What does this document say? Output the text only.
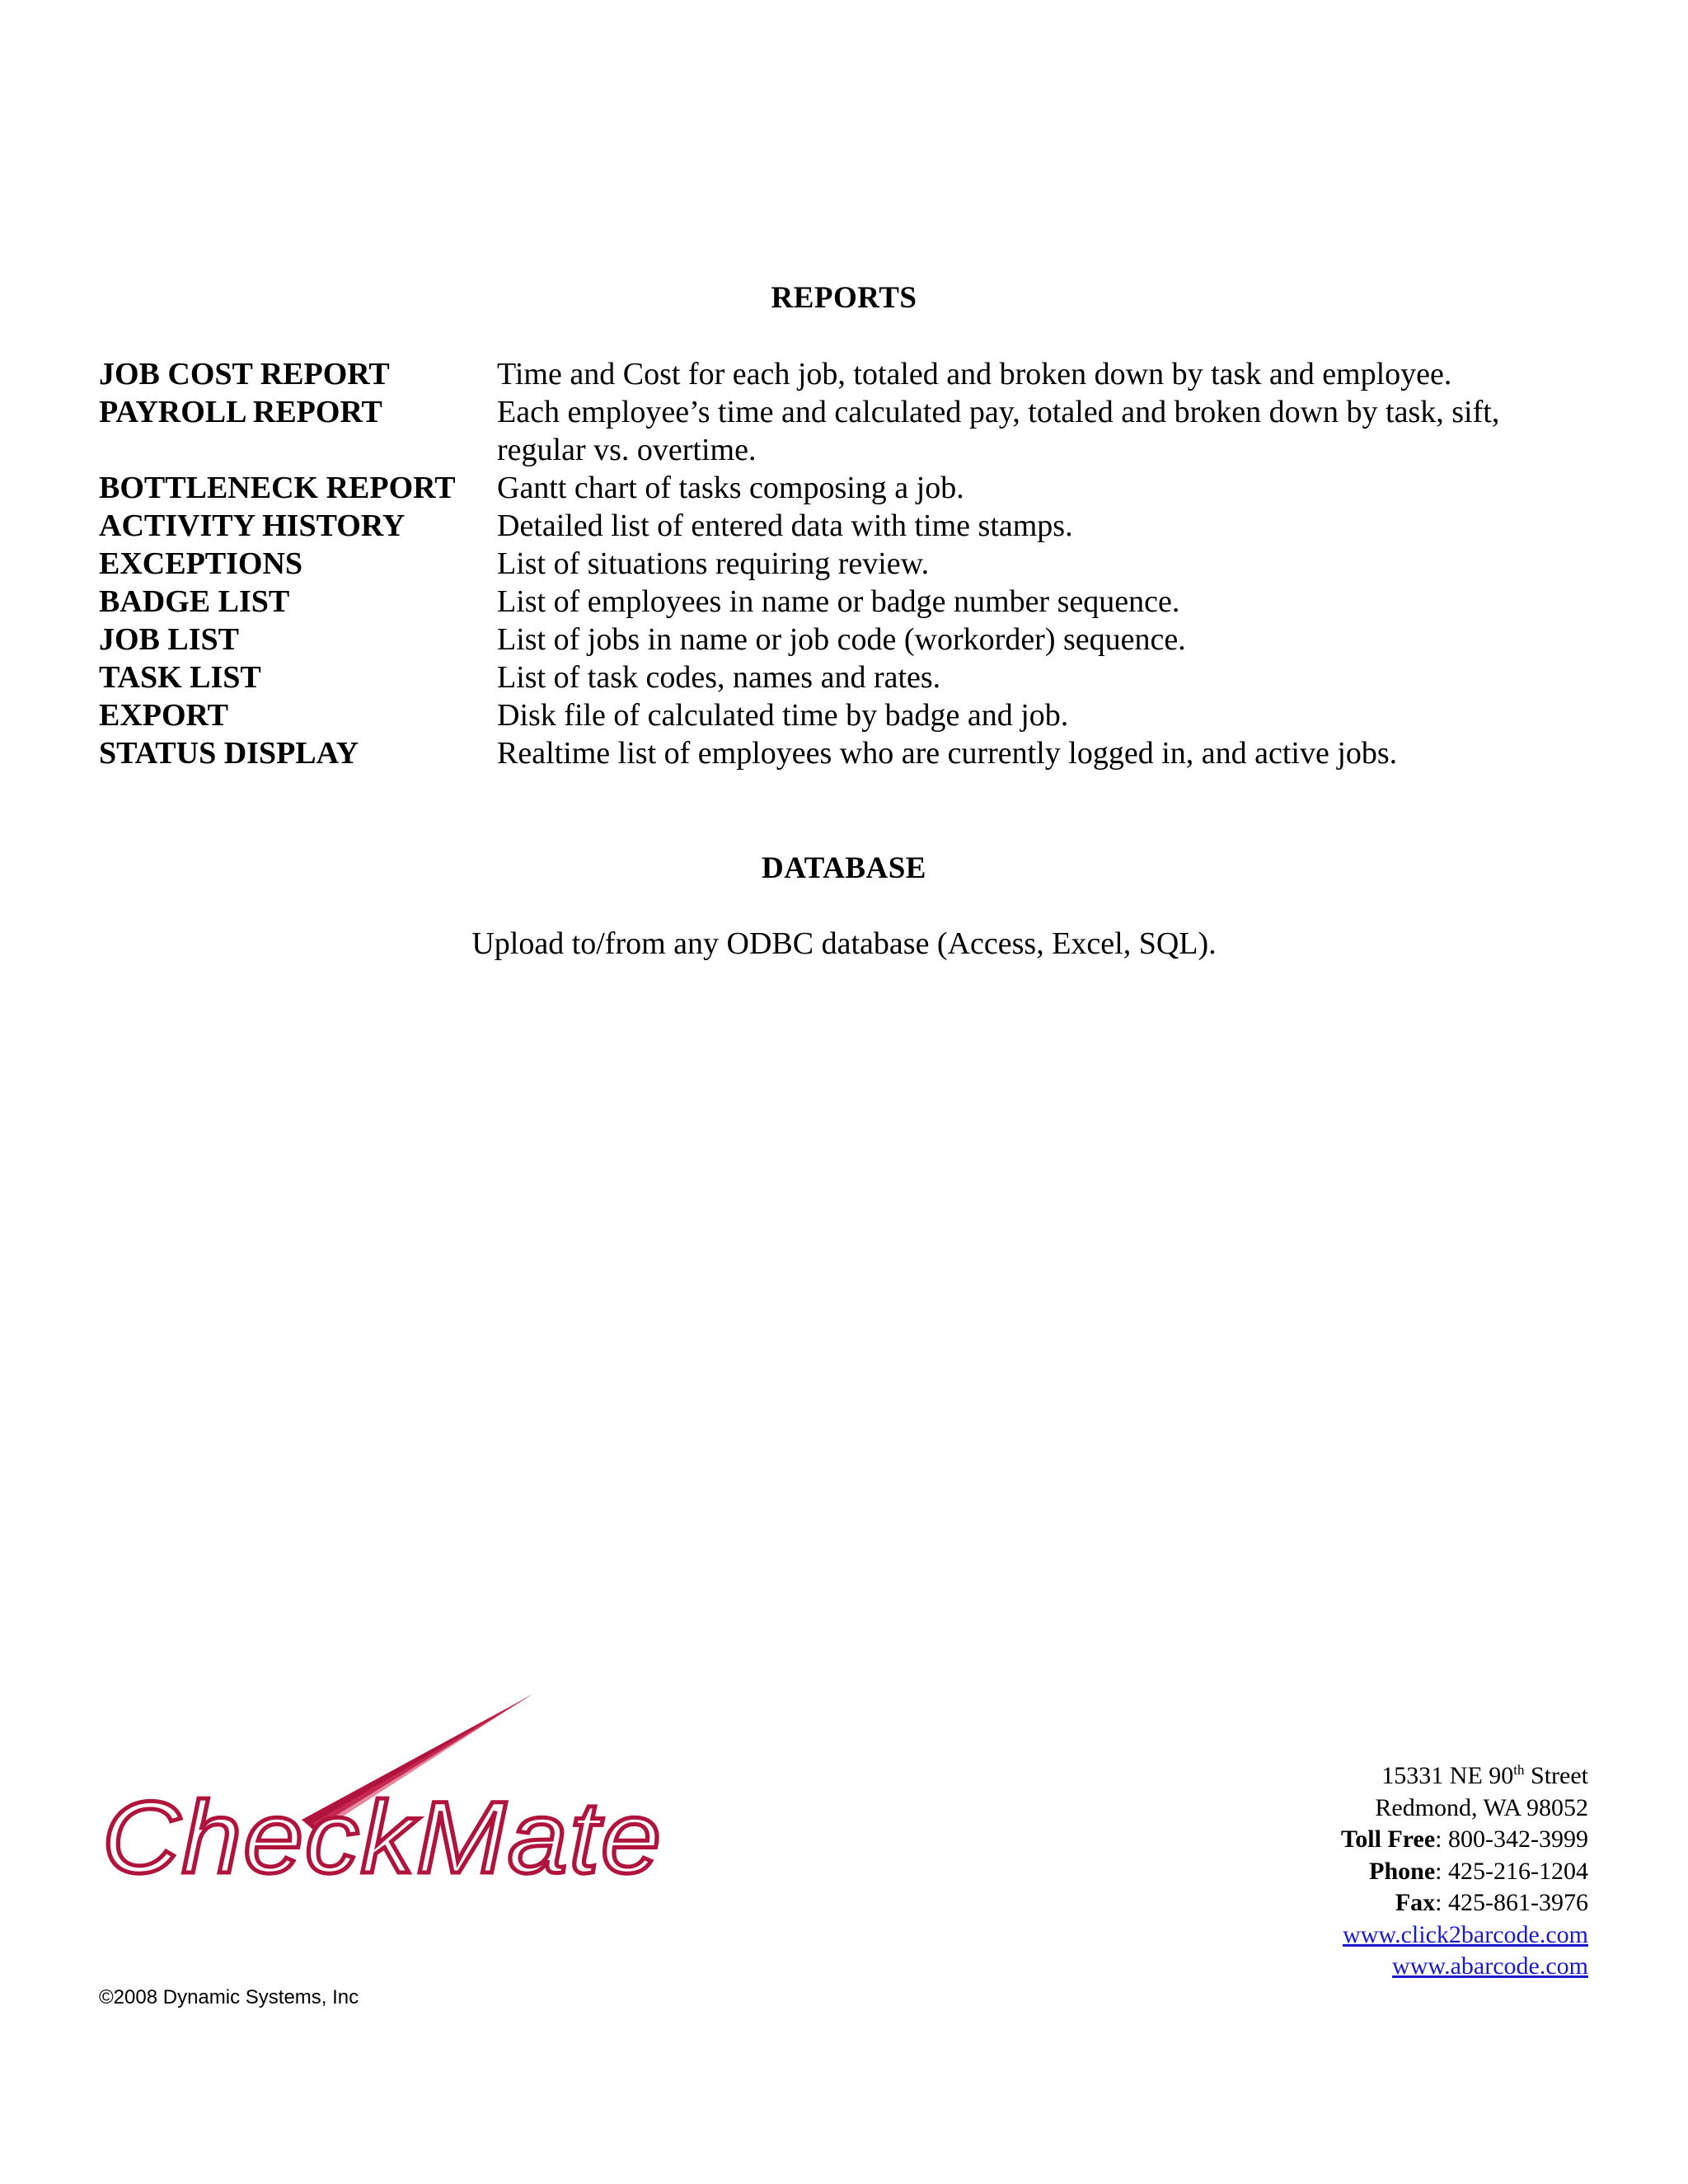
REPORTS
JOB COST REPORT	Time and Cost for each job, totaled and broken down by task and employee.
PAYROLL REPORT	Each employee’s time and calculated pay, totaled and broken down by task, sift, regular vs. overtime.
BOTTLENECK REPORT	Gantt chart of tasks composing a job.
ACTIVITY HISTORY	Detailed list of entered data with time stamps.
EXCEPTIONS	List of situations requiring review.
BADGE LIST	List of employees in name or badge number sequence.
JOB LIST	List of jobs in name or job code (workorder) sequence.
TASK LIST	List of task codes, names and rates.
EXPORT	Disk file of calculated time by badge and job.
STATUS DISPLAY	Realtime list of employees who are currently logged in, and active jobs.
DATABASE
Upload to/from any ODBC database (Access, Excel, SQL).
CheckMate
15331 NE 90th Street
Redmond, WA 98052
Toll Free: 800-342-3999
Phone: 425-216-1204
Fax: 425-861-3976
www.click2barcode.com
www.abarcode.com
©2008 Dynamic Systems, Inc
